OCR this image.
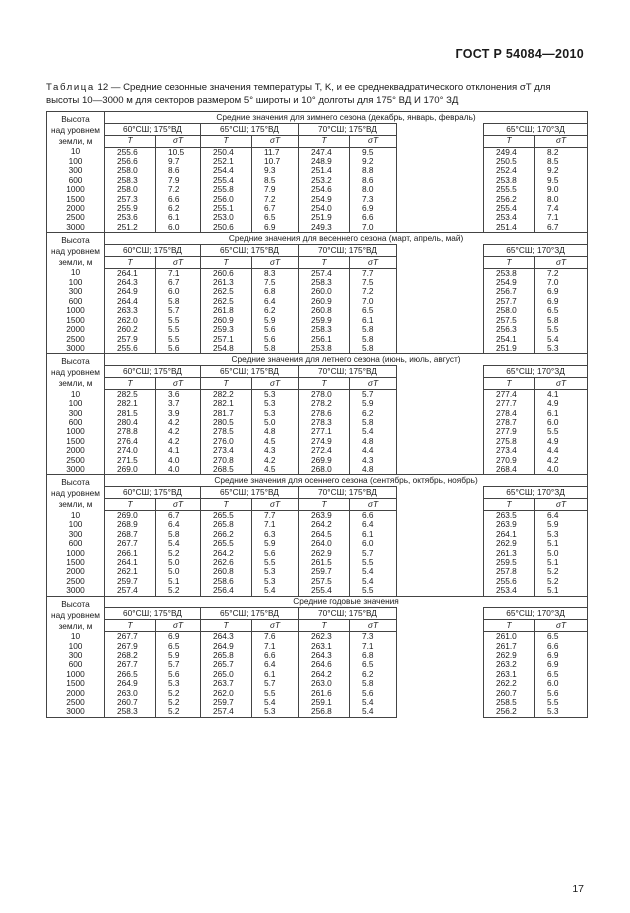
ГОСТ Р 54084—2010
Таблица 12 — Средние сезонные значения температуры T, K, и ее среднеквадратического отклонения σT для
высоты 10—3000 м для секторов размером 5° широты и 10° долготы для 175° ВД И 170° ЗД
Высота
над уровнем
земли, м	Средние значения для зимнего сезона (декабрь, январь, февраль)								
	60°СШ; 175°ВД		65°СШ; 175°ВД		70°СШ; 175°ВД			65°СШ; 170°ЗД	
	T	σT	T	σT	T	σT		T	σT
10	255.6	10.5	250.4	11.7	247.4	9.5		249.4	8.2
100	256.6	9.7	252.1	10.7	248.9	9.2		250.5	8.5
300	258.0	8.6	254.4	9.3	251.4	8.8		252.4	9.2
600	258.3	7.9	255.4	8.5	253.2	8.6		253.8	9.5
1000	258.0	7.2	255.8	7.9	254.6	8.0		255.5	9.0
1500	257.3	6.6	256.0	7.2	254.9	7.3		256.2	8.0
2000	255.9	6.2	255.1	6.7	254.0	6.9		255.4	7.4
2500	253.6	6.1	253.0	6.5	251.9	6.6		253.4	7.1
3000	251.2	6.0	250.6	6.9	249.3	7.0		251.4	6.7

Высота
над уровнем
земли, м	Средние значения для весеннего сезона (март, апрель, май)								
	60°СШ; 175°ВД		65°СШ; 175°ВД		70°СШ; 175°ВД			65°СШ; 170°ЗД	
	T	σT	T	σT	T	σT		T	σT
10	264.1	7.1	260.6	8.3	257.4	7.7		253.8	7.2
100	264.3	6.7	261.3	7.5	258.3	7.5		254.9	7.0
300	264.9	6.0	262.5	6.8	260.0	7.2		256.7	6.9
600	264.4	5.8	262.5	6.4	260.9	7.0		257.7	6.9
1000	263.3	5.7	261.8	6.2	260.8	6.5		258.0	6.5
1500	262.0	5.5	260.9	5.9	259.9	6.1		257.5	5.8
2000	260.2	5.5	259.3	5.6	258.3	5.8		256.3	5.5
2500	257.9	5.5	257.1	5.6	256.1	5.8		254.1	5.4
3000	255.6	5.6	254.8	5.8	253.8	5.8		251.9	5.3

Высота
над уровнем
земли, м	Средние значения для летнего сезона (июнь, июль, август)								
	60°СШ; 175°ВД		65°СШ; 175°ВД		70°СШ; 175°ВД			65°СШ; 170°ЗД	
	T	σT	T	σT	T	σT		T	σT
10	282.5	3.6	282.2	5.3	278.0	5.7		277.4	4.1
100	282.1	3.7	282.1	5.3	278.2	5.9		277.7	4.9
300	281.5	3.9	281.7	5.3	278.6	6.2		278.4	6.1
600	280.4	4.2	280.5	5.0	278.3	5.8		278.7	6.0
1000	278.8	4.2	278.5	4.8	277.1	5.4		277.9	5.5
1500	276.4	4.2	276.0	4.5	274.9	4.8		275.8	4.9
2000	274.0	4.1	273.4	4.3	272.4	4.4		273.4	4.4
2500	271.5	4.0	270.8	4.2	269.9	4.3		270.9	4.2
3000	269.0	4.0	268.5	4.5	268.0	4.8		268.4	4.0

Высота
над уровнем
земли, м	Средние значения для осеннего сезона (сентябрь, октябрь, ноябрь)								
	60°СШ; 175°ВД		65°СШ; 175°ВД		70°СШ; 175°ВД			65°СШ; 170°ЗД	
	T	σT	T	σT	T	σT		T	σT
10	269.0	6.7	265.5	7.7	263.9	6.6		263.5	6.4
100	268.9	6.4	265.8	7.1	264.2	6.4		263.9	5.9
300	268.7	5.8	266.2	6.3	264.5	6.1		264.1	5.3
600	267.7	5.4	265.5	5.9	264.0	6.0		262.9	5.1
1000	266.1	5.2	264.2	5.6	262.9	5.7		261.3	5.0
1500	264.1	5.0	262.6	5.5	261.5	5.5		259.5	5.1
2000	262.1	5.0	260.8	5.3	259.7	5.4		257.8	5.2
2500	259.7	5.1	258.6	5.3	257.5	5.4		255.6	5.2
3000	257.4	5.2	256.4	5.4	255.4	5.5		253.4	5.1

Высота
над уровнем
земли, м	Средние годовые значения								
	60°СШ; 175°ВД		65°СШ; 175°ВД		70°СШ; 175°ВД			65°СШ; 170°ЗД	
	T	σT	T	σT	T	σT		T	σT
10	267.7	6.9	264.3	7.6	262.3	7.3		261.0	6.5
100	267.9	6.5	264.9	7.1	263.1	7.1		261.7	6.6
300	268.2	5.9	265.8	6.6	264.3	6.8		262.9	6.9
600	267.7	5.7	265.7	6.4	264.6	6.5		263.2	6.9
1000	266.5	5.6	265.0	6.1	264.2	6.2		263.1	6.5
1500	264.9	5.3	263.7	5.7	263.0	5.8		262.2	6.0
2000	263.0	5.2	262.0	5.5	261.6	5.6		260.7	5.6
2500	260.7	5.2	259.7	5.4	259.1	5.4		258.5	5.5
3000	258.3	5.2	257.4	5.3	256.8	5.4		256.2	5.3
17
